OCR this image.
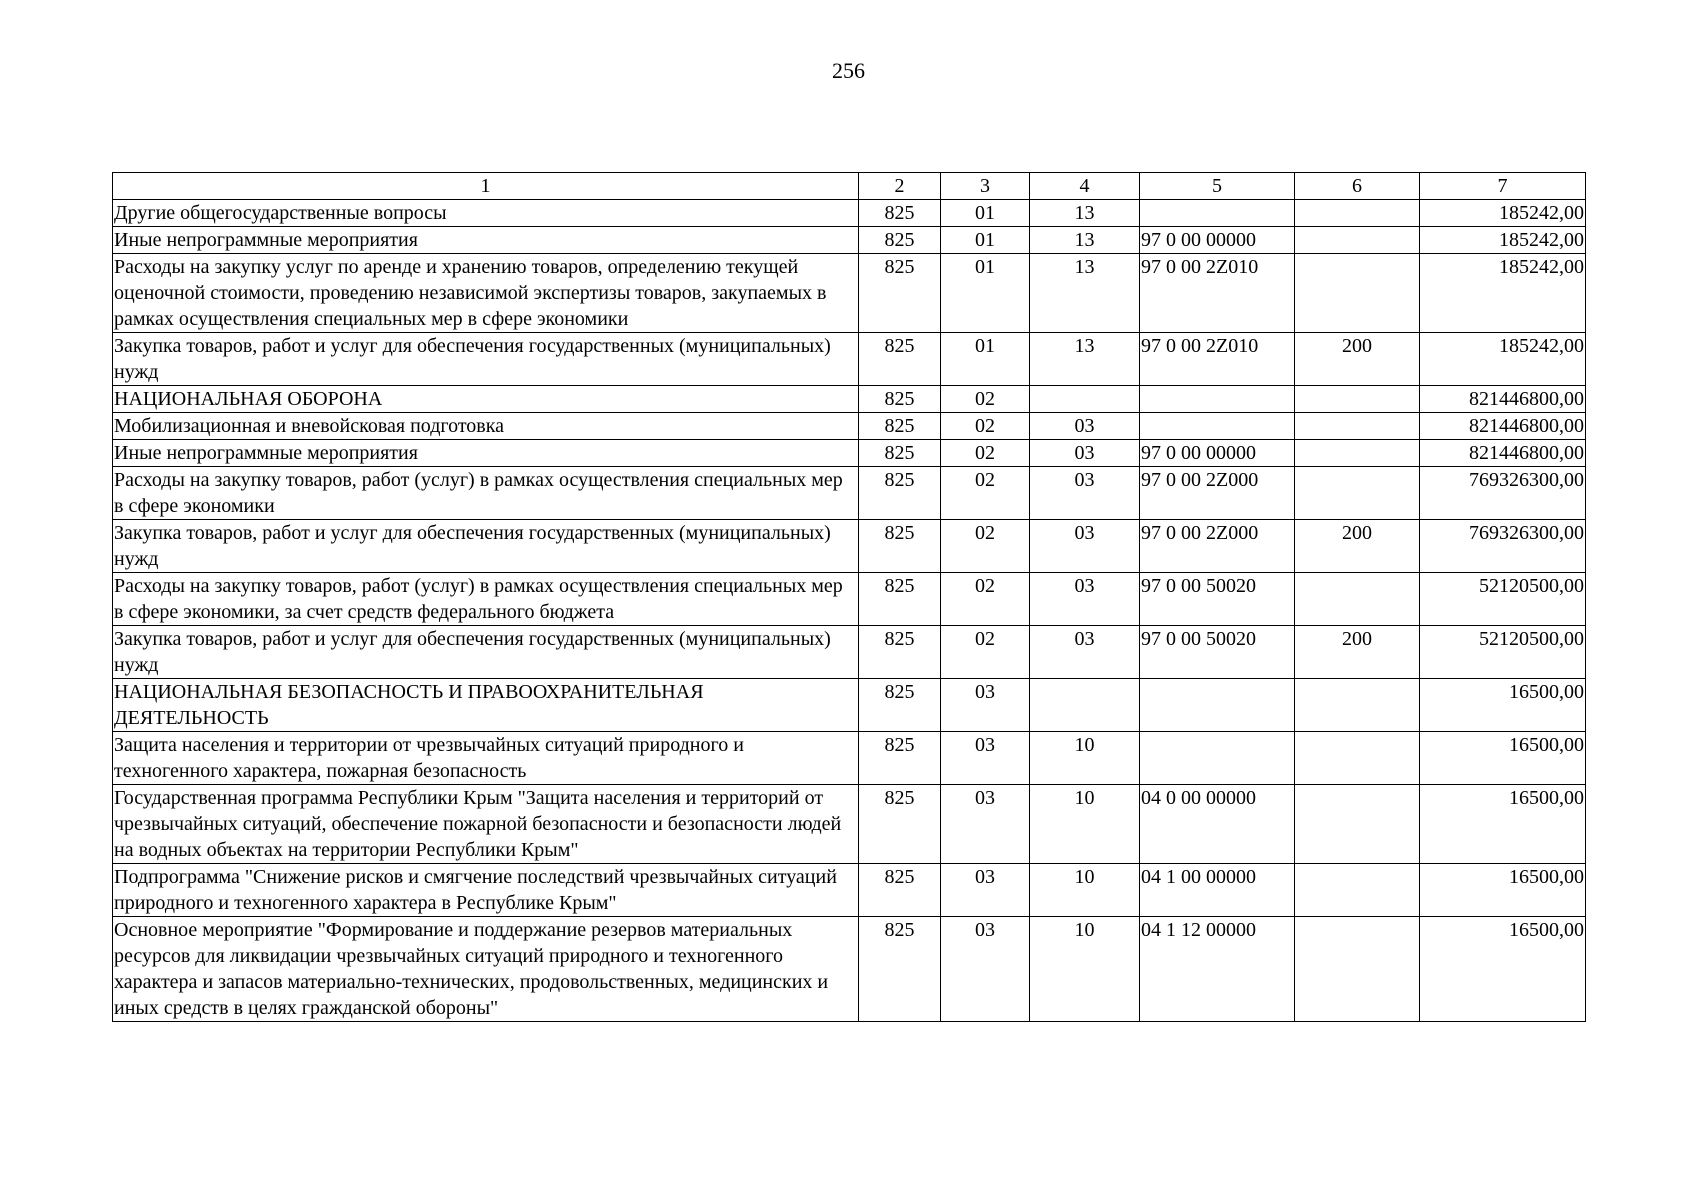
256
1	2	3	4	5	6	7
Другие общегосударственные вопросы	825	01	13			185242,00
Иные непрограммные мероприятия	825	01	13	97 0 00 00000		185242,00
Расходы на закупку услуг по аренде и хранению товаров, определению текущей оценочной стоимости, проведению независимой экспертизы товаров, закупаемых в рамках осуществления специальных мер в сфере экономики	825	01	13	97 0 00 2Z010		185242,00
Закупка товаров, работ и услуг для обеспечения государственных (муниципальных) нужд	825	01	13	97 0 00 2Z010	200	185242,00
НАЦИОНАЛЬНАЯ ОБОРОНА	825	02				821446800,00
Мобилизационная и вневойсковая подготовка	825	02	03			821446800,00
Иные непрограммные мероприятия	825	02	03	97 0 00 00000		821446800,00
Расходы на закупку товаров, работ (услуг) в рамках осуществления специальных мер в сфере экономики	825	02	03	97 0 00 2Z000		769326300,00
Закупка товаров, работ и услуг для обеспечения государственных (муниципальных) нужд	825	02	03	97 0 00 2Z000	200	769326300,00
Расходы на закупку товаров, работ (услуг) в рамках осуществления специальных мер в сфере экономики, за счет средств федерального бюджета	825	02	03	97 0 00 50020		52120500,00
Закупка товаров, работ и услуг для обеспечения государственных (муниципальных) нужд	825	02	03	97 0 00 50020	200	52120500,00
НАЦИОНАЛЬНАЯ БЕЗОПАСНОСТЬ И ПРАВООХРАНИТЕЛЬНАЯ ДЕЯТЕЛЬНОСТЬ	825	03				16500,00
Защита населения и территории от чрезвычайных ситуаций природного и техногенного характера, пожарная безопасность	825	03	10			16500,00
Государственная программа Республики Крым "Защита населения и территорий от чрезвычайных ситуаций, обеспечение пожарной безопасности и безопасности людей на водных объектах на территории Республики Крым"	825	03	10	04 0 00 00000		16500,00
Подпрограмма "Снижение рисков и смягчение последствий чрезвычайных ситуаций природного и техногенного характера в Республике Крым"	825	03	10	04 1 00 00000		16500,00
Основное мероприятие "Формирование и поддержание резервов материальных ресурсов для ликвидации чрезвычайных ситуаций природного и техногенного характера и запасов материально-технических, продовольственных, медицинских и иных средств в целях гражданской обороны"	825	03	10	04 1 12 00000		16500,00
